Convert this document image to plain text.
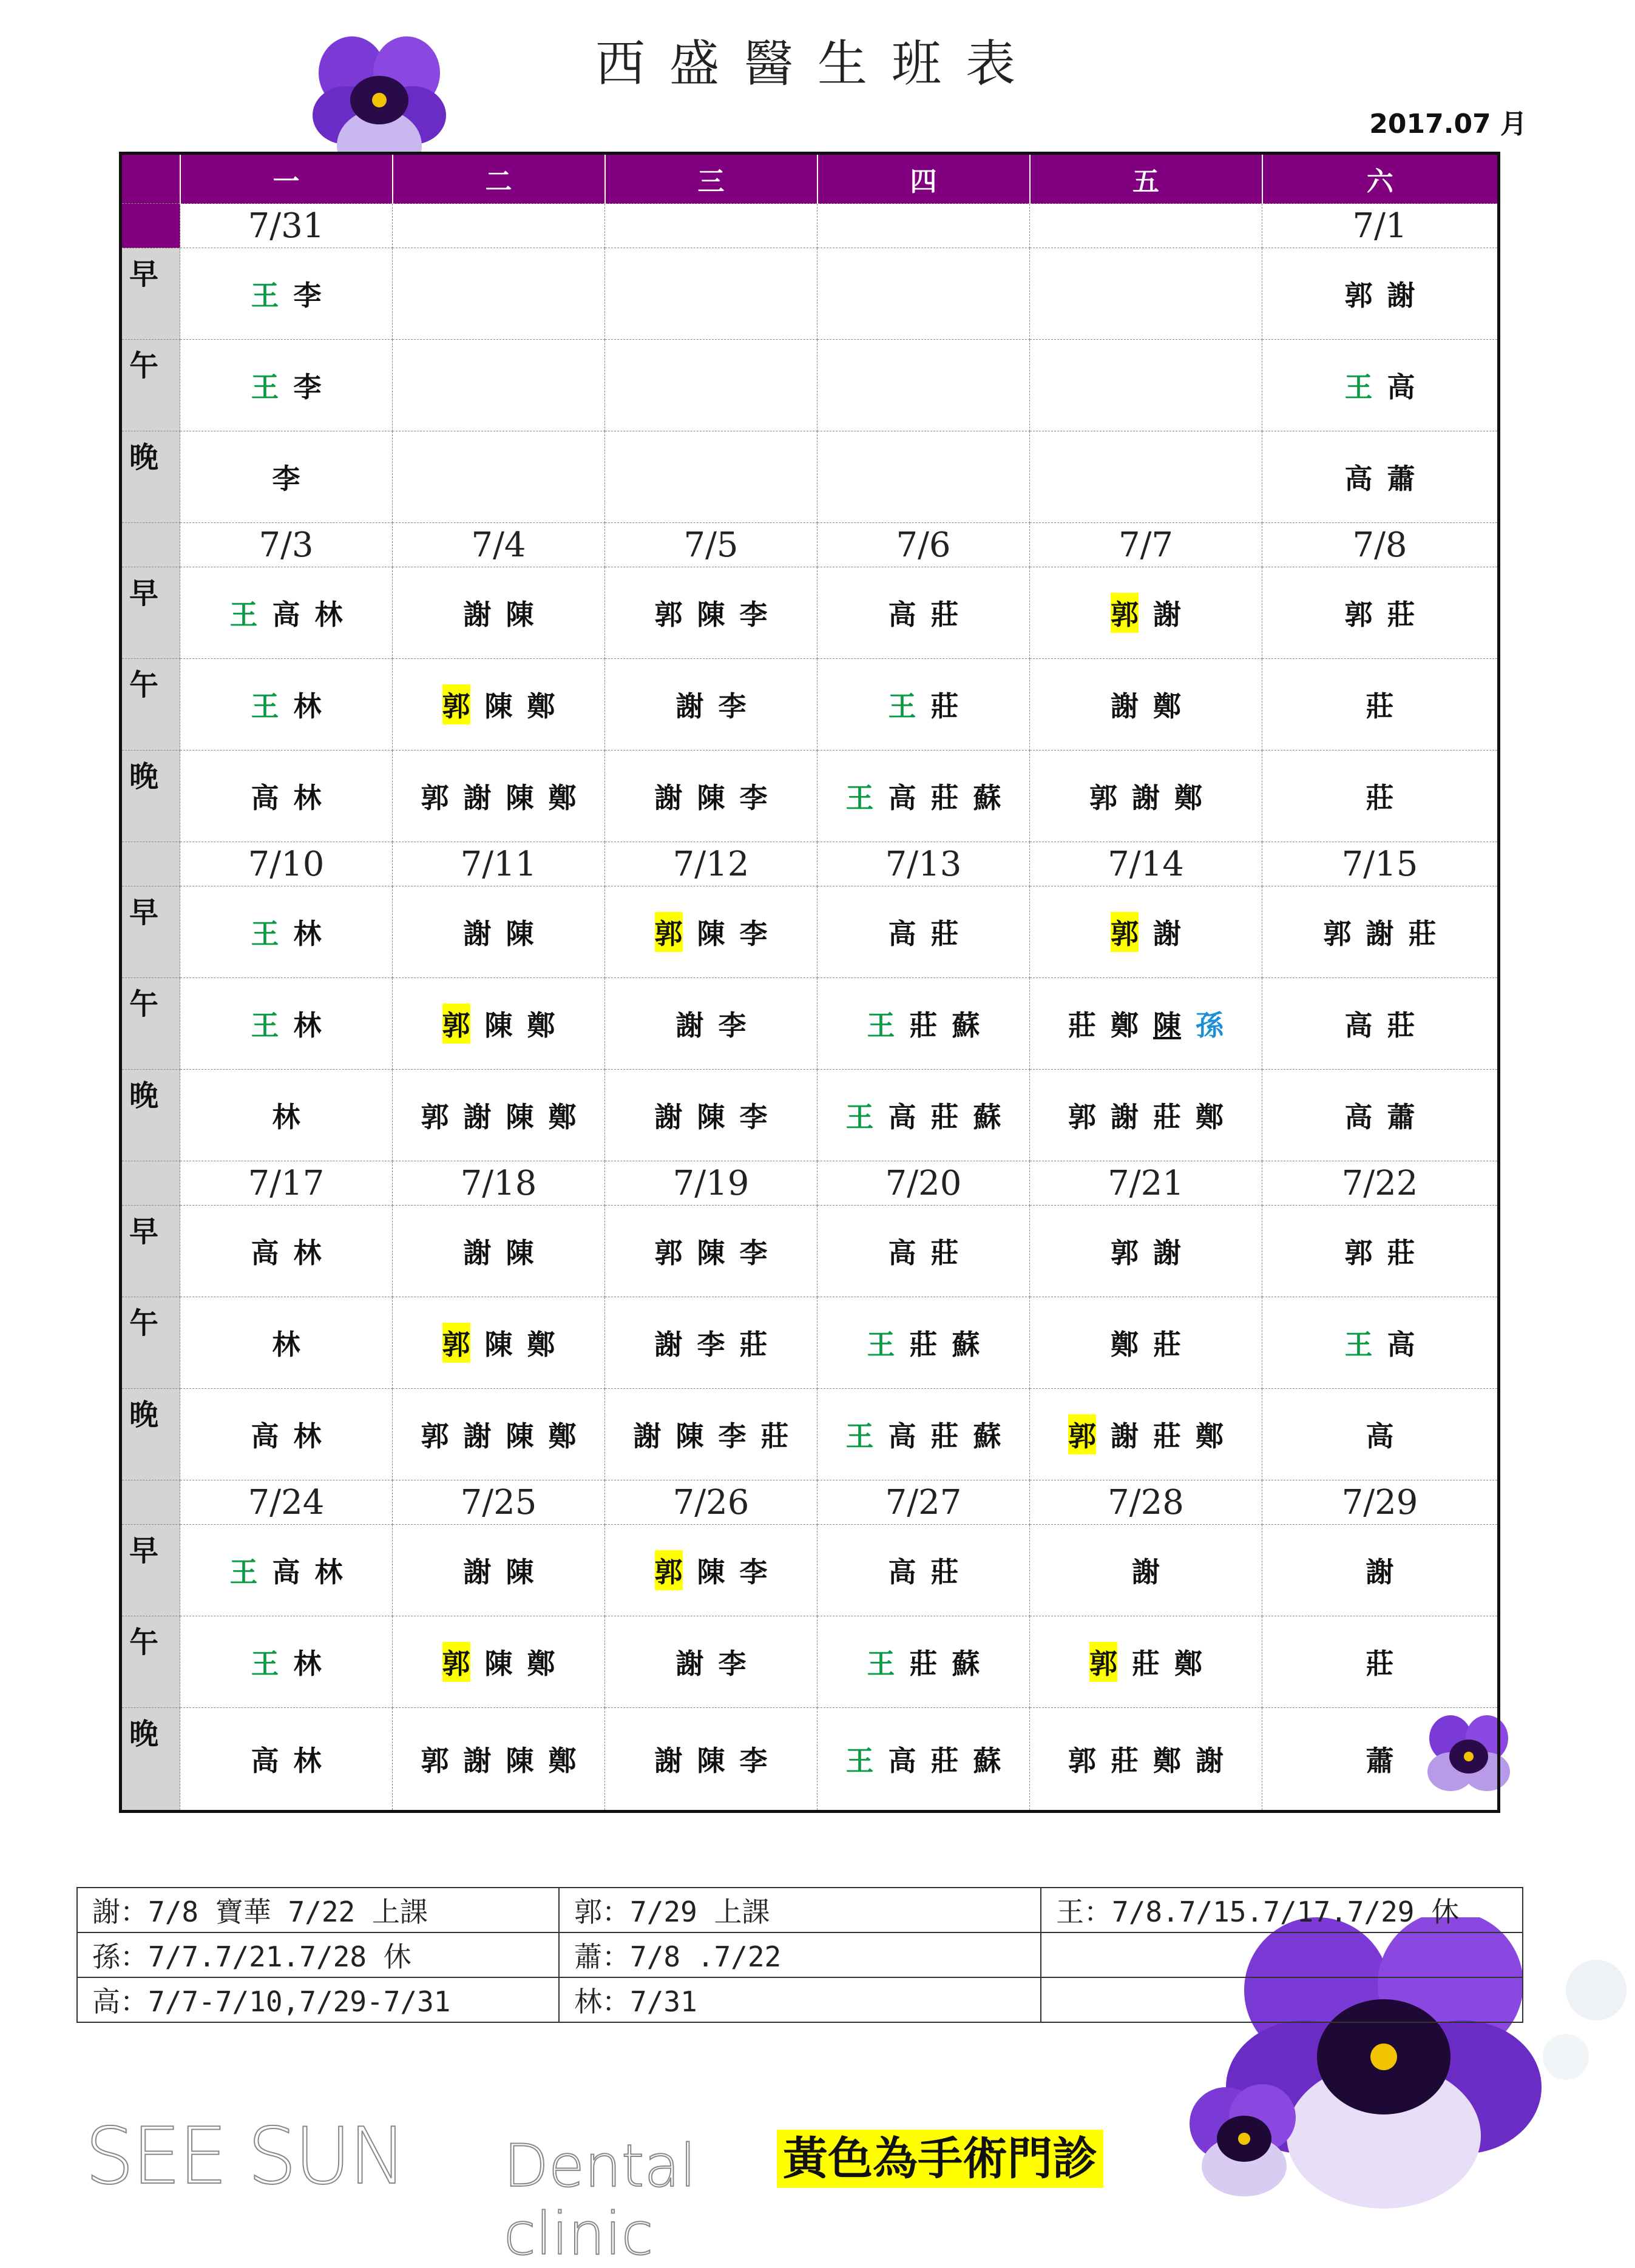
西盛醫生班表
2017.07 月
	一	二	三	四	五	六
	7/31					7/1
早	王 李					郭 謝
午	王 李					王 高
晚	李					高 蕭
	7/3	7/4	7/5	7/6	7/7	7/8
早	王 高 林	謝 陳	郭 陳 李	高 莊	郭 謝	郭 莊
午	王 林	郭 陳 鄭	謝 李	王 莊	謝 鄭	莊
晚	高 林	郭 謝 陳 鄭	謝 陳 李	王 高 莊 蘇	郭 謝 鄭	莊
	7/10	7/11	7/12	7/13	7/14	7/15
早	王 林	謝 陳	郭 陳 李	高 莊	郭 謝	郭 謝 莊
午	王 林	郭 陳 鄭	謝 李	王 莊 蘇	莊 鄭 陳 孫	高 莊
晚	林	郭 謝 陳 鄭	謝 陳 李	王 高 莊 蘇	郭 謝 莊 鄭	高 蕭
	7/17	7/18	7/19	7/20	7/21	7/22
早	高 林	謝 陳	郭 陳 李	高 莊	郭 謝	郭 莊
午	林	郭 陳 鄭	謝 李 莊	王 莊 蘇	鄭 莊	王 高
晚	高 林	郭 謝 陳 鄭	謝 陳 李 莊	王 高 莊 蘇	郭 謝 莊 鄭	高
	7/24	7/25	7/26	7/27	7/28	7/29
早	王 高 林	謝 陳	郭 陳 李	高 莊	謝	謝
午	王 林	郭 陳 鄭	謝 李	王 莊 蘇	郭 莊 鄭	莊
晚	高 林	郭 謝 陳 鄭	謝 陳 李	王 高 莊 蘇	郭 莊 鄭 謝	蕭
謝：7/8 寶華 7/22 上課	郭：7/29 上課	王：7/8.7/15.7/17.7/29 休
孫：7/7.7/21.7/28 休	蕭：7/8 .7/22	
高：7/7-7/10,7/29-7/31	林：7/31	
SEE SUN Dental clinic
黃色為手術門診
